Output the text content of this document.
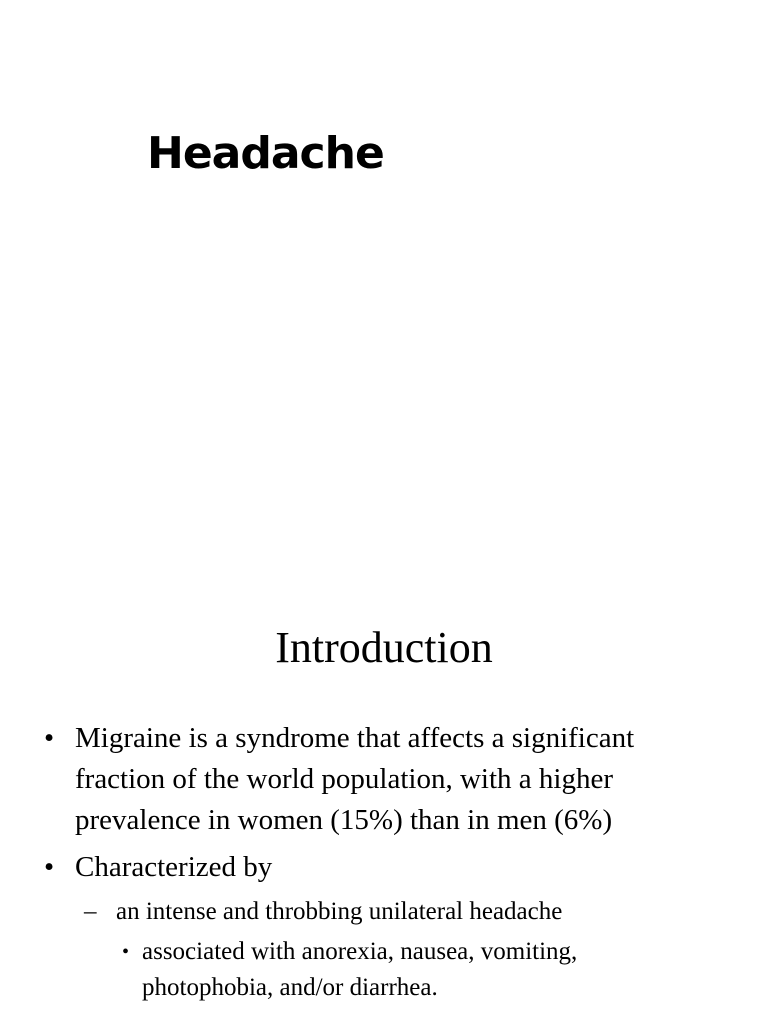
Headache
Introduction
• Migraine is a syndrome that affects a significant fraction of the world population, with a higher prevalence in women (15%) than in men (6%)
• Characterized by
– an intense and throbbing unilateral headache
• associated with anorexia, nausea, vomiting, photophobia, and/or diarrhea.
